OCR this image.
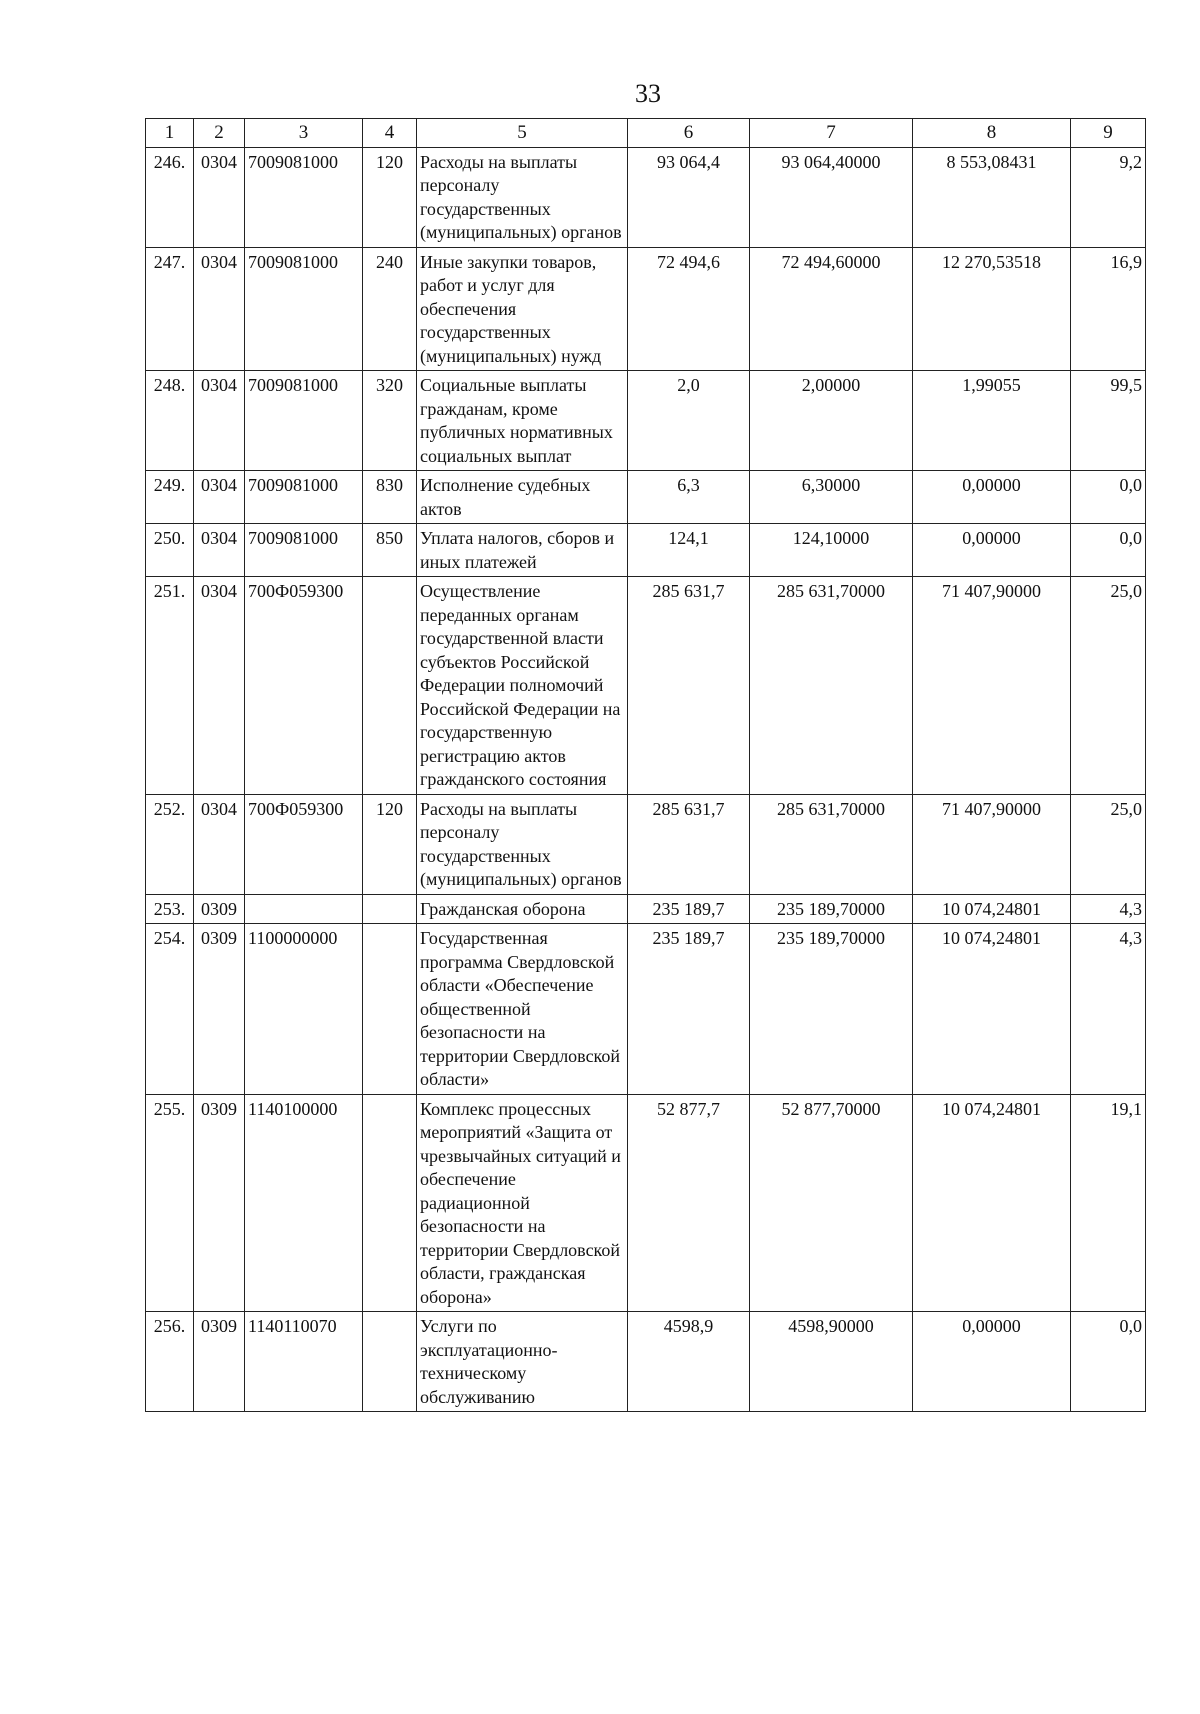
33
1	2	3	4	5	6	7	8	9
246.	0304	7009081000	120	Расходы на выплаты персоналу государственных (муниципальных) органов	93 064,4	93 064,40000	8 553,08431	9,2
247.	0304	7009081000	240	Иные закупки товаров, работ и услуг для обеспечения государственных (муниципальных) нужд	72 494,6	72 494,60000	12 270,53518	16,9
248.	0304	7009081000	320	Социальные выплаты гражданам, кроме публичных нормативных социальных выплат	2,0	2,00000	1,99055	99,5
249.	0304	7009081000	830	Исполнение судебных актов	6,3	6,30000	0,00000	0,0
250.	0304	7009081000	850	Уплата налогов, сборов и иных платежей	124,1	124,10000	0,00000	0,0
251.	0304	700Ф059300		Осуществление переданных органам государственной власти субъектов Российской Федерации полномочий Российской Федерации на государственную регистрацию актов гражданского состояния	285 631,7	285 631,70000	71 407,90000	25,0
252.	0304	700Ф059300	120	Расходы на выплаты персоналу государственных (муниципальных) органов	285 631,7	285 631,70000	71 407,90000	25,0
253.	0309			Гражданская оборона	235 189,7	235 189,70000	10 074,24801	4,3
254.	0309	1100000000		Государственная программа Свердловской области «Обеспечение общественной безопасности на территории Свердловской области»	235 189,7	235 189,70000	10 074,24801	4,3
255.	0309	1140100000		Комплекс процессных мероприятий «Защита от чрезвычайных ситуаций и обеспечение радиационной безопасности на территории Свердловской области, гражданская оборона»	52 877,7	52 877,70000	10 074,24801	19,1
256.	0309	1140110070		Услуги по эксплуатационно-техническому обслуживанию	4598,9	4598,90000	0,00000	0,0
